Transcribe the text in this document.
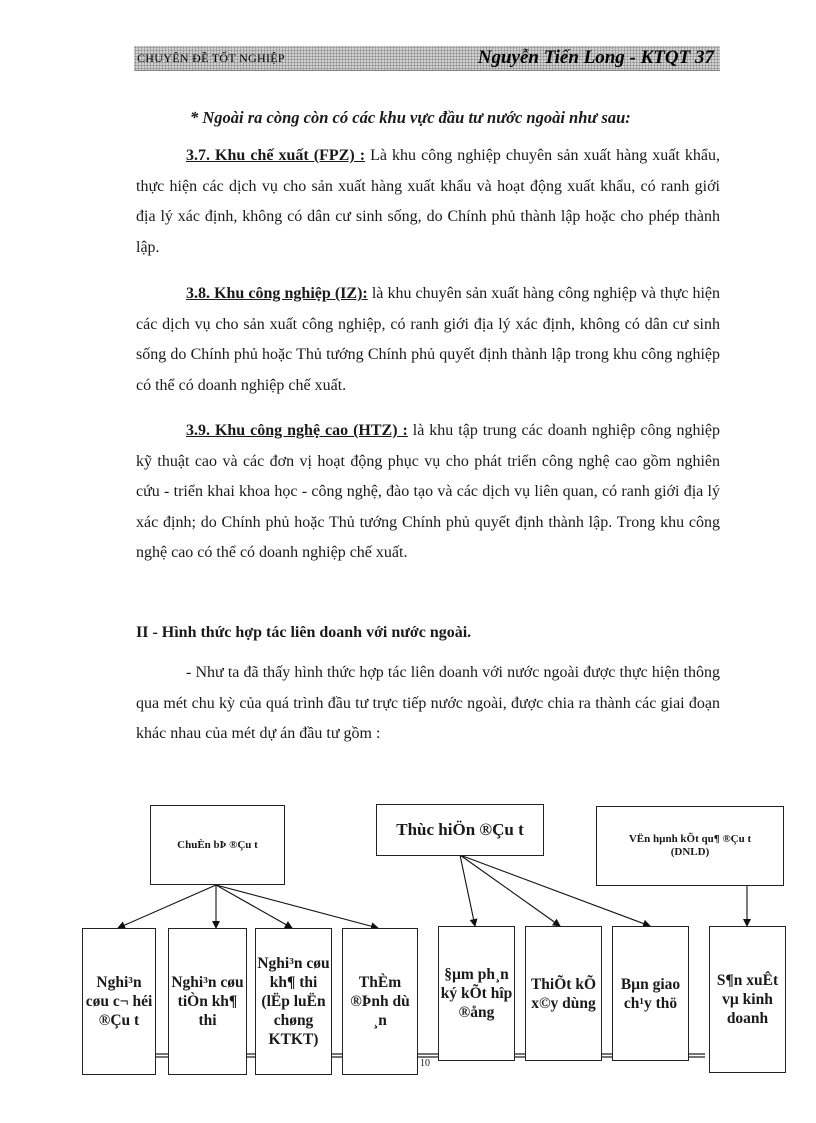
CHUYÊN ĐỀ TỐT NGHIỆP	Nguyễn Tiến Long - KTQT 37
* Ngoài ra còng còn có các khu vực đầu tư nước ngoài như sau:
3.7. Khu chế xuất (FPZ) : Là khu công nghiệp chuyên sản xuất hàng xuất khẩu, thực hiện các dịch vụ cho sản xuất hàng xuất khẩu và hoạt động xuất khẩu, có ranh giới địa lý xác định, không có dân cư sinh sống, do Chính phủ thành lập hoặc cho phép thành lập.
3.8. Khu công nghiệp (IZ): là khu chuyên sản xuất hàng công nghiệp và thực hiện các dịch vụ cho sản xuất công nghiệp, có ranh giới địa lý xác định, không có dân cư sinh sống do Chính phủ hoặc Thủ tướng Chính phủ quyết định thành lập trong khu công nghiệp có thể có doanh nghiệp chế xuất.
3.9. Khu công nghệ cao (HTZ) : là khu tập trung các doanh nghiệp công nghiệp kỹ thuật cao và các đơn vị hoạt động phục vụ cho phát triển công nghệ cao gồm nghiên cứu - triển khai khoa học - công nghệ, đào tạo và các dịch vụ liên quan, có ranh giới địa lý xác định; do Chính phủ hoặc Thủ tướng Chính phủ quyết định thành lập. Trong khu công nghệ cao có thể có doanh nghiệp chế xuất.
II - Hình thức hợp tác liên doanh với nước ngoài.
- Như ta đã thấy hình thức hợp tác liên doanh với nước ngoài được thực hiện thông qua mét chu kỳ của quá trình đầu tư trực tiếp nước ngoài, được chia ra thành các giai đoạn khác nhau của mét dự án đầu tư gồm :
ChuÈn bÞ ®Çu t
Thùc hiÖn ®Çu t	VËn hµnh kÕt qu¶ ®Çu t (DNLD)
Nghi³n cøu c¬ héi ®Çu t
Nghi³n cøu tiÒn kh¶ thi
Nghi³n cøu kh¶ thi (lËp luËn chøng KTKT)
ThÈm ®Þnh dù ¸n
§µm ph¸n ký kÕt hîp ®ång
ThiÕt kÕ x©y dùng
Bµn giao ch¹y thö
S¶n xuÊt vµ kinh doanh
10
